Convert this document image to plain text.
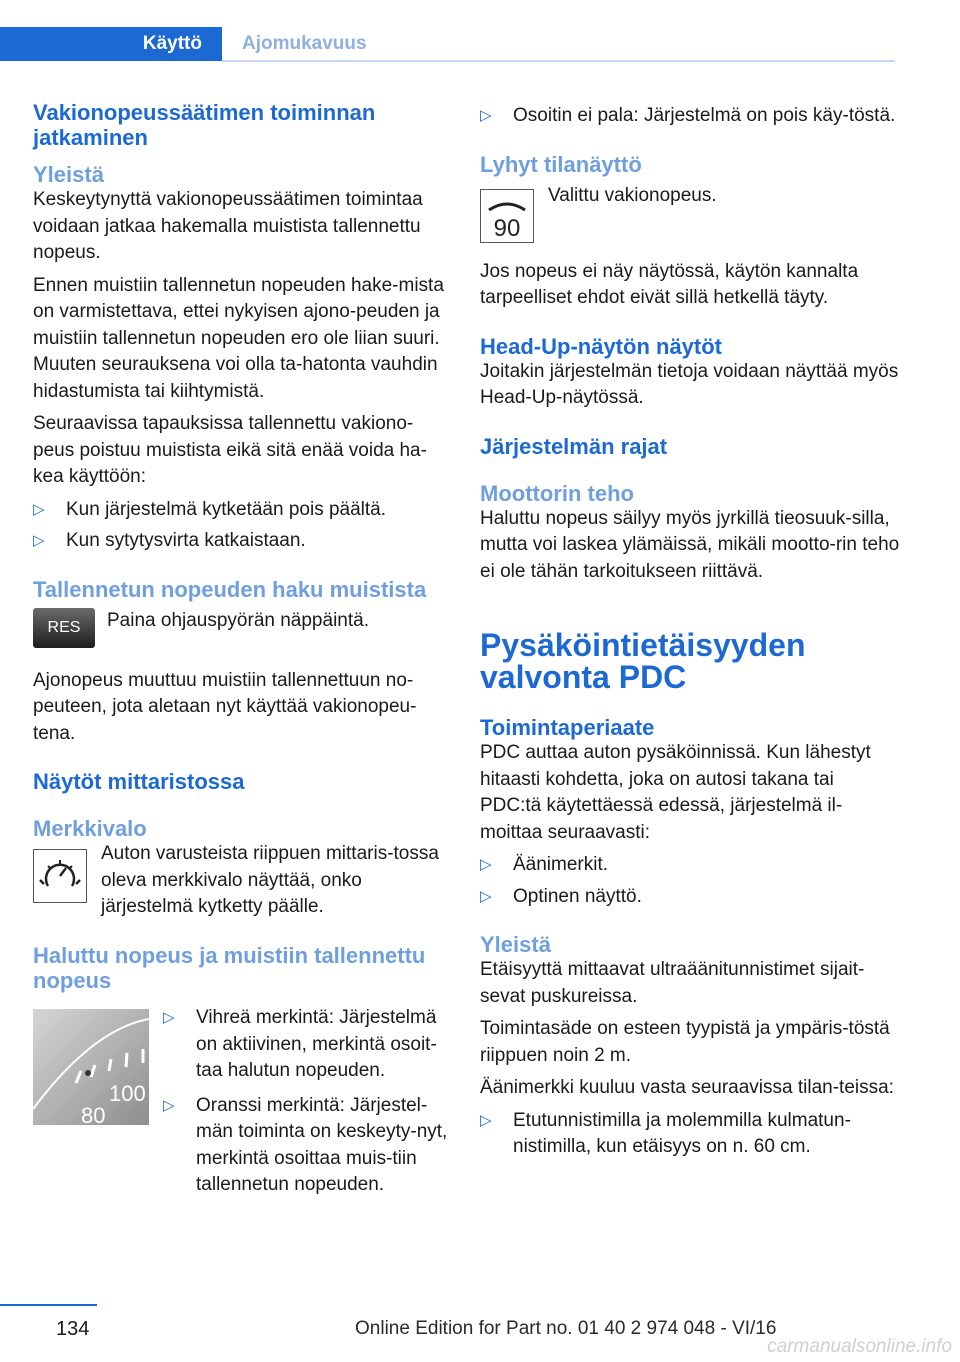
Käyttö	Ajomukavuus
Vakionopeussäätimen toiminnan jatkaminen
Yleistä

Keskeytynyttä vakionopeussäätimen toimintaa voidaan jatkaa hakemalla muistista tallennettu nopeus.

Ennen muistiin tallennetun nopeuden hake-mista on varmistettava, ettei nykyisen ajono-peuden ja muistiin tallennetun nopeuden ero ole liian suuri. Muuten seurauksena voi olla ta-hatonta vauhdin hidastumista tai kiihtymistä.

Seuraavissa tapauksissa tallennettu vakiono-peus poistuu muistista eikä sitä enää voida ha-kea käyttöön:

▷ Kun järjestelmä kytketään pois päältä.
▷ Kun sytytysvirta katkaistaan.
Tallennetun nopeuden haku muistista
RES	Paina ohjauspyörän näppäintä.

Ajonopeus muuttuu muistiin tallennettuun no-peuteen, jota aletaan nyt käyttää vakionopeu-tena.

Näytöt mittaristossa
Merkkivalo

Auton varusteista riippuen mittaris-tossa oleva merkkivalo näyttää, onko järjestelmä kytketty päälle.

Haluttu nopeus ja muistiin tallennettu nopeus
100
80
▷ Vihreä merkintä: Järjestelmä on aktiivinen, merkintä osoit-taa halutun nopeuden.
▷ Oranssi merkintä: Järjestel-män toiminta on keskeyty-nyt, merkintä osoittaa muis-tiin tallennetun nopeuden.
▷ Osoitin ei pala: Järjestelmä on pois käy-töstä.
Lyhyt tilanäyttö
90

Valittu vakionopeus.

Jos nopeus ei näy näytössä, käytön kannalta tarpeelliset ehdot eivät sillä hetkellä täyty.

Head-Up-näytön näytöt

Joitakin järjestelmän tietoja voidaan näyttää myös Head-Up-näytössä.

Järjestelmän rajat
Moottorin teho

Haluttu nopeus säilyy myös jyrkillä tieosuuk-silla, mutta voi laskea ylämäissä, mikäli mootto-rin teho ei ole tähän tarkoitukseen riittävä.

Pysäköintietäisyyden valvonta PDC
Toimintaperiaate

PDC auttaa auton pysäköinnissä. Kun lähestyt hitaasti kohdetta, joka on autosi takana tai PDC:tä käytettäessä edessä, järjestelmä il-moittaa seuraavasti:

▷ Äänimerkit.
▷ Optinen näyttö.
Yleistä

Etäisyyttä mittaavat ultraäänitunnistimet sijait-sevat puskureissa.

Toimintasäde on esteen tyypistä ja ympäris-töstä riippuen noin 2 m.

Äänimerkki kuuluu vasta seuraavissa tilan-teissa:

▷ Etutunnistimilla ja molemmilla kulmatun-nistimilla, kun etäisyys on n. 60 cm.
134	Online Edition for Part no. 01 40 2 974 048 - VI/16
carmanualsonline.info
